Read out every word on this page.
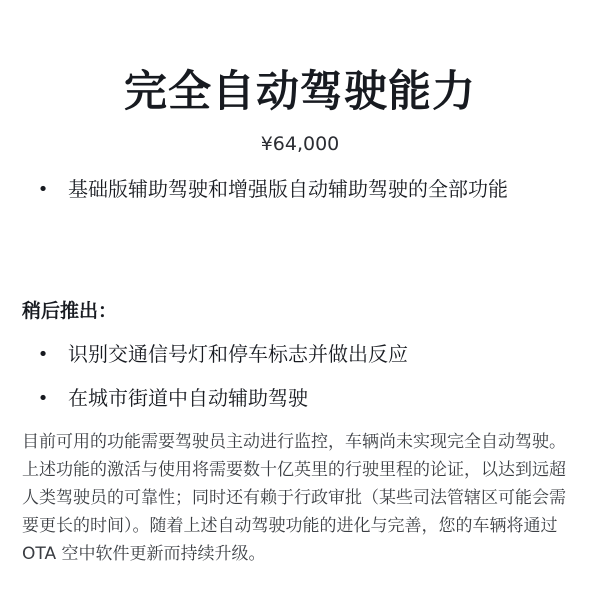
完全自动驾驶能力
¥64,000
• 基础版辅助驾驶和增强版自动辅助驾驶的全部功能
稍后推出：
• 识别交通信号灯和停车标志并做出反应
• 在城市街道中自动辅助驾驶

目前可用的功能需要驾驶员主动进行监控，车辆尚未实现完全自动驾驶。上述功能的激活与使用将需要数十亿英里的行驶里程的论证，以达到远超人类驾驶员的可靠性；同时还有赖于行政审批（某些司法管辖区可能会需要更长的时间）。随着上述自动驾驶功能的进化与完善，您的车辆将通过 OTA 空中软件更新而持续升级。
